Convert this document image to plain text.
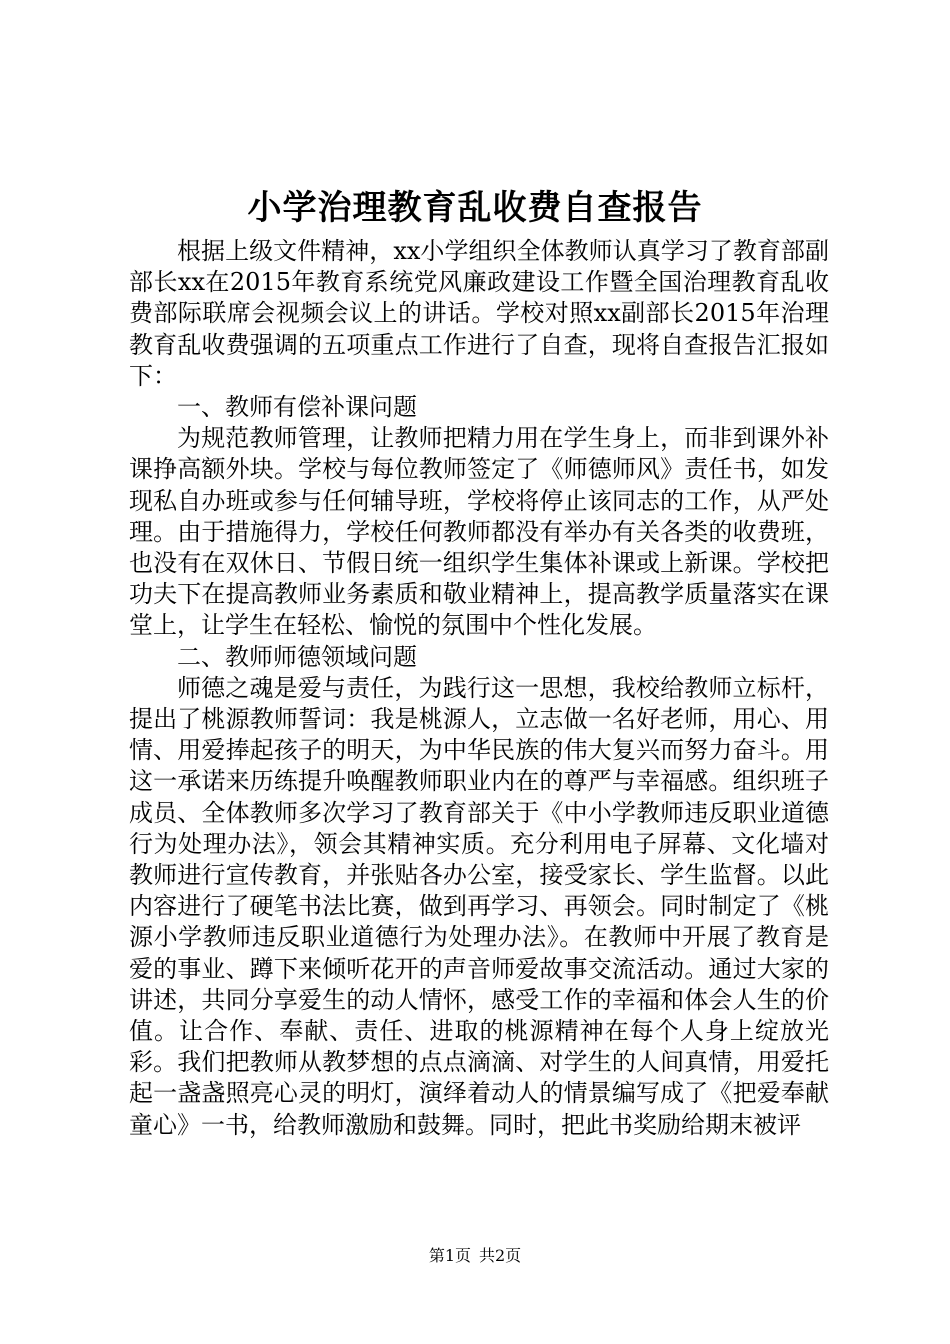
小学治理教育乱收费自查报告

根据上级文件精神，xx小学组织全体教师认真学习了教育部副部长xx在2015年教育系统党风廉政建设工作暨全国治理教育乱收费部际联席会视频会议上的讲话。学校对照xx副部长2015年治理教育乱收费强调的五项重点工作进行了自查，现将自查报告汇报如下：

一、教师有偿补课问题

为规范教师管理，让教师把精力用在学生身上，而非到课外补课挣高额外块。学校与每位教师签定了《师德师风》责任书，如发现私自办班或参与任何辅导班，学校将停止该同志的工作，从严处理。由于措施得力，学校任何教师都没有举办有关各类的收费班，也没有在双休日、节假日统一组织学生集体补课或上新课。学校把功夫下在提高教师业务素质和敬业精神上，提高教学质量落实在课堂上，让学生在轻松、愉悦的氛围中个性化发展。

二、教师师德领域问题

师德之魂是爱与责任，为践行这一思想，我校给教师立标杆，提出了桃源教师誓词：我是桃源人，立志做一名好老师，用心、用情、用爱捧起孩子的明天，为中华民族的伟大复兴而努力奋斗。用这一承诺来历练提升唤醒教师职业内在的尊严与幸福感。组织班子成员、全体教师多次学习了教育部关于《中小学教师违反职业道德行为处理办法》，领会其精神实质。充分利用电子屏幕、文化墙对教师进行宣传教育，并张贴各办公室，接受家长、学生监督。以此内容进行了硬笔书法比赛，做到再学习、再领会。同时制定了《桃源小学教师违反职业道德行为处理办法》。在教师中开展了教育是爱的事业、蹲下来倾听花开的声音师爱故事交流活动。通过大家的讲述，共同分享爱生的动人情怀，感受工作的幸福和体会人生的价值。让合作、奉献、责任、进取的桃源精神在每个人身上绽放光彩。我们把教师从教梦想的点点滴滴、对学生的人间真情，用爱托起一盏盏照亮心灵的明灯，演绎着动人的情景编写成了《把爱奉献童心》一书，给教师激励和鼓舞。同时，把此书奖励给期末被评

第1页 共2页
